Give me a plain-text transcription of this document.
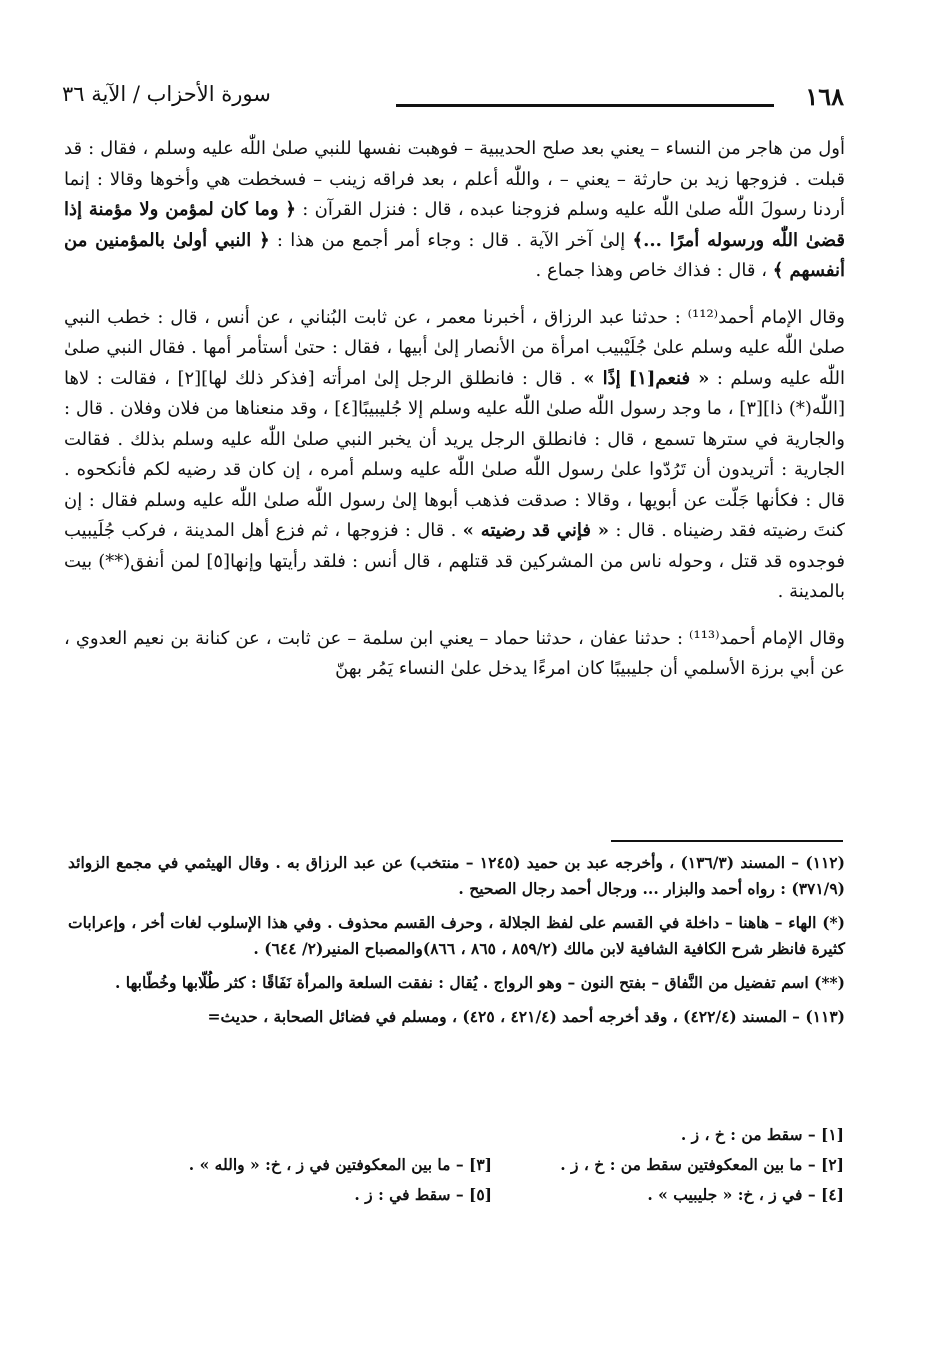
١٦٨
سورة الأحزاب / الآية ٣٦

أول من هاجر من النساء – يعني بعد صلح الحديبية – فوهبت نفسها للنبي صلىٰ اللّٰه عليه وسلم ، فقال : قد قبلت . فزوجها زيد بن حارثة – يعني – ، واللّٰه أعلم ، بعد فراقه زينب – فسخطت هي وأخوها وقالا : إنما أردنا رسولَ اللّٰه صلىٰ اللّٰه عليه وسلم فزوجنا عبده ، قال : فنزل القرآن : ﴿ وما كان لمؤمن ولا مؤمنة إذا قضىٰ اللّٰه ورسوله أمرًا ...﴾ إلىٰ آخر الآية . قال : وجاء أمر أجمع من هذا : ﴿ النبي أولىٰ بالمؤمنين من أنفسهم ﴾ ، قال : فذاك خاص وهذا جماع .

وقال الإمام أحمد⁽¹¹²⁾ : حدثنا عبد الرزاق ، أخبرنا معمر ، عن ثابت البُناني ، عن أنس ، قال : خطب النبي صلىٰ اللّٰه عليه وسلم علىٰ جُلَيْبيب امرأة من الأنصار إلىٰ أبيها ، فقال : حتىٰ أستأمر أمها . فقال النبي صلىٰ اللّٰه عليه وسلم : « فنعم[١] إذًا » . قال : فانطلق الرجل إلىٰ امرأته [فذكر ذلك لها][٢] ، فقالت : لاها [اللّٰه(*) ذا][٣] ، ما وجد رسول اللّٰه صلىٰ اللّٰه عليه وسلم إلا جُليبيبًا[٤] ، وقد منعناها من فلان وفلان . قال : والجارية في سترها تسمع ، قال : فانطلق الرجل يريد أن يخبر النبي صلىٰ اللّٰه عليه وسلم بذلك . فقالت الجارية : أتريدون أن تَرُدّوا علىٰ رسول اللّٰه صلىٰ اللّٰه عليه وسلم أمره ، إن كان قد رضيه لكم فأنكحوه . قال : فكأنها جَلّت عن أبويها ، وقالا : صدقت فذهب أبوها إلىٰ رسول اللّٰه صلىٰ اللّٰه عليه وسلم فقال : إن كنتَ رضيته فقد رضيناه . قال : « فإني قد رضيته » . قال : فزوجها ، ثم فزع أهل المدينة ، فركب جُلَيبيب فوجدوه قد قتل ، وحوله ناس من المشركين قد قتلهم ، قال أنس : فلقد رأيتها وإنها[٥] لمن أنفق(**) بيت بالمدينة .

وقال الإمام أحمد⁽¹¹³⁾ : حدثنا عفان ، حدثنا حماد – يعني ابن سلمة – عن ثابت ، عن كنانة بن نعيم العدوي ، عن أبي برزة الأسلمي أن جليبيبًا كان امرءًا يدخل علىٰ النساء يَمُر بهنّ

(١١٢) – المسند (١٣٦/٣) ، وأخرجه عبد بن حميد (١٢٤٥ – منتخب) عن عبد الرزاق به . وقال الهيثمي في مجمع الزوائد (٣٧١/٩) : رواه أحمد والبزار ... ورجال أحمد رجال الصحيح .

(*) الهاء – هاهنا – داخلة في القسم على لفظ الجلالة ، وحرف القسم محذوف . وفي هذا الإسلوب لغات أخر ، وإعرابات كثيرة فانظر شرح الكافية الشافية لابن مالك (٨٥٩/٢ ، ٨٦٥ ، ٨٦٦)والمصباح المنير(٢/ ٦٤٤) .

(**) اسم تفضيل من النَّفاق – بفتح النون – وهو الرواج . يُقال : نفقت السلعة والمرأة نَفَاقًا : كثر طُلّابها وخُطّابها .

(١١٣) – المسند (٤٢٢/٤) ، وقد أخرجه أحمد (٤٢١/٤ ، ٤٢٥) ، ومسلم في فضائل الصحابة ، حديث=

[١] – سقط من : خ ، ز .
[٢] – ما بين المعكوفتين سقط من : خ ، ز .
[٣] – ما بين المعكوفتين في ز ، خ: « والله » .
[٤] – في ز ، خ: « جليبيب » .
[٥] – سقط في : ز .
